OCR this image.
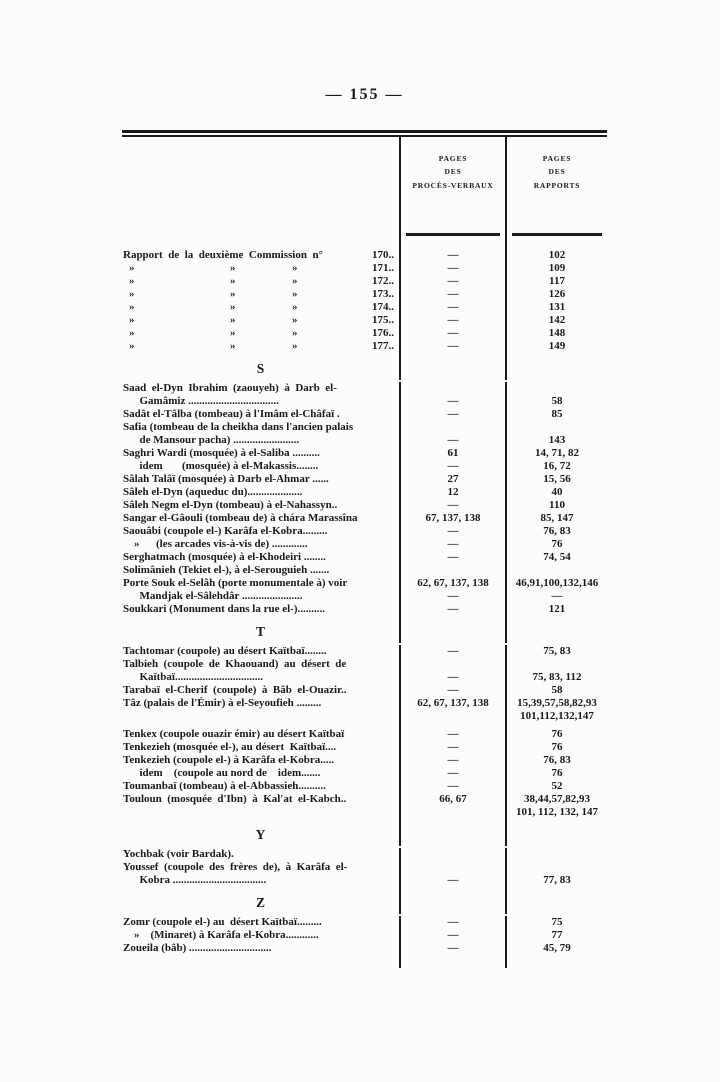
— 155 —
PAGES
DES
PROCÈS-VERBAUX
PAGES
DES
RAPPORTS
Rapport  de  la  deuxième  Commission  n°	170..	—	102
»	»	»	171..	—	109
»	»	»	172..	—	117
»	»	»	173..	—	126
»	»	»	174..	—	131
»	»	»	175..	—	142
»	»	»	176..	—	148
»	»	»	177..	—	149
S
Saad  el-Dyn  Ibrahim  (zaouyeh)  à  Darb  el-
Gamâmiz .................................	—	58
Sadât el-Tâlba (tombeau) à l'Imâm el-Châfaï .	—	85
Safia (tombeau de la cheikha dans l'ancien palais
de Mansour pacha) ........................	—	143
Saghri Wardi (mosquée) à el-Saliba ..........	61	14, 71, 82
idem       (mosquée) à el-Makassis........	—	16, 72
Sâlah Talâï (mosquée) à Darb el-Ahmar ......	27	15, 56
Sâleh el-Dyn (aqueduc du)....................	12	40
Sâleh Negm el-Dyn (tombeau) à el-Nahassyn..	—	110
Sangar el-Gâouli (tombeau de) à chára Marassîna	67, 137, 138	85, 147
Saouâbi (coupole el-) Karâfa el-Kobra.........	—	76, 83
»      (les arcades vis-à-vis de) .............	—	76
Serghatmach (mosquée) à el-Khodeiri ........	—	74, 54
Solimânieh (Tekiet el-), à el-Serouguieh .......
Porte Souk el-Selâh (porte monumentale à) voir	62, 67, 137, 138	46,91,100,132,146
Mandjak el-Sâlehdâr ......................	—	—
Soukkari (Monument dans la rue el-)..........	—	121
T
Tachtomar (coupole) au désert Kaïtbaï........	—	75, 83
Talbieh  (coupole  de  Khaouand)  au  désert  de
Kaïtbaï................................	—	75, 83, 112
Tarabaï  el-Cherif  (coupole)  à  Bâb  el-Ouazir..	—	58
Tâz (palais de l'Émir) à el-Seyoufieh .........	62, 67, 137, 138	15,39,57,58,82,93
101,112,132,147
Tenkex (coupole ouazir émir) au désert Kaïtbaï	—	76
Tenkezieh (mosquée el-), au désert  Kaïtbaï....	—	76
Tenkezieh (coupole el-) à Karâfa el-Kobra.....	—	76, 83
idem    (coupole au nord de    idem.......	—	76
Toumanbaï (tombeau) à el-Abbassieh..........	—	52
Touloun  (mosquée  d'Ibn)  à  Kal'at  el-Kabch..	66, 67	38,44,57,82,93
101, 112, 132, 147
Y
Yochbak (voir Bardak).
Youssef  (coupole  des  frères  de),  à  Karâfa  el-
Kobra ..................................	—	77, 83
Z
Zomr (coupole el-) au  désert Kaïtbaï.........	—	75
»    (Minaret) à Karâfa el-Kobra............	—	77
Zoueila (bâb) ..............................	—	45, 79
